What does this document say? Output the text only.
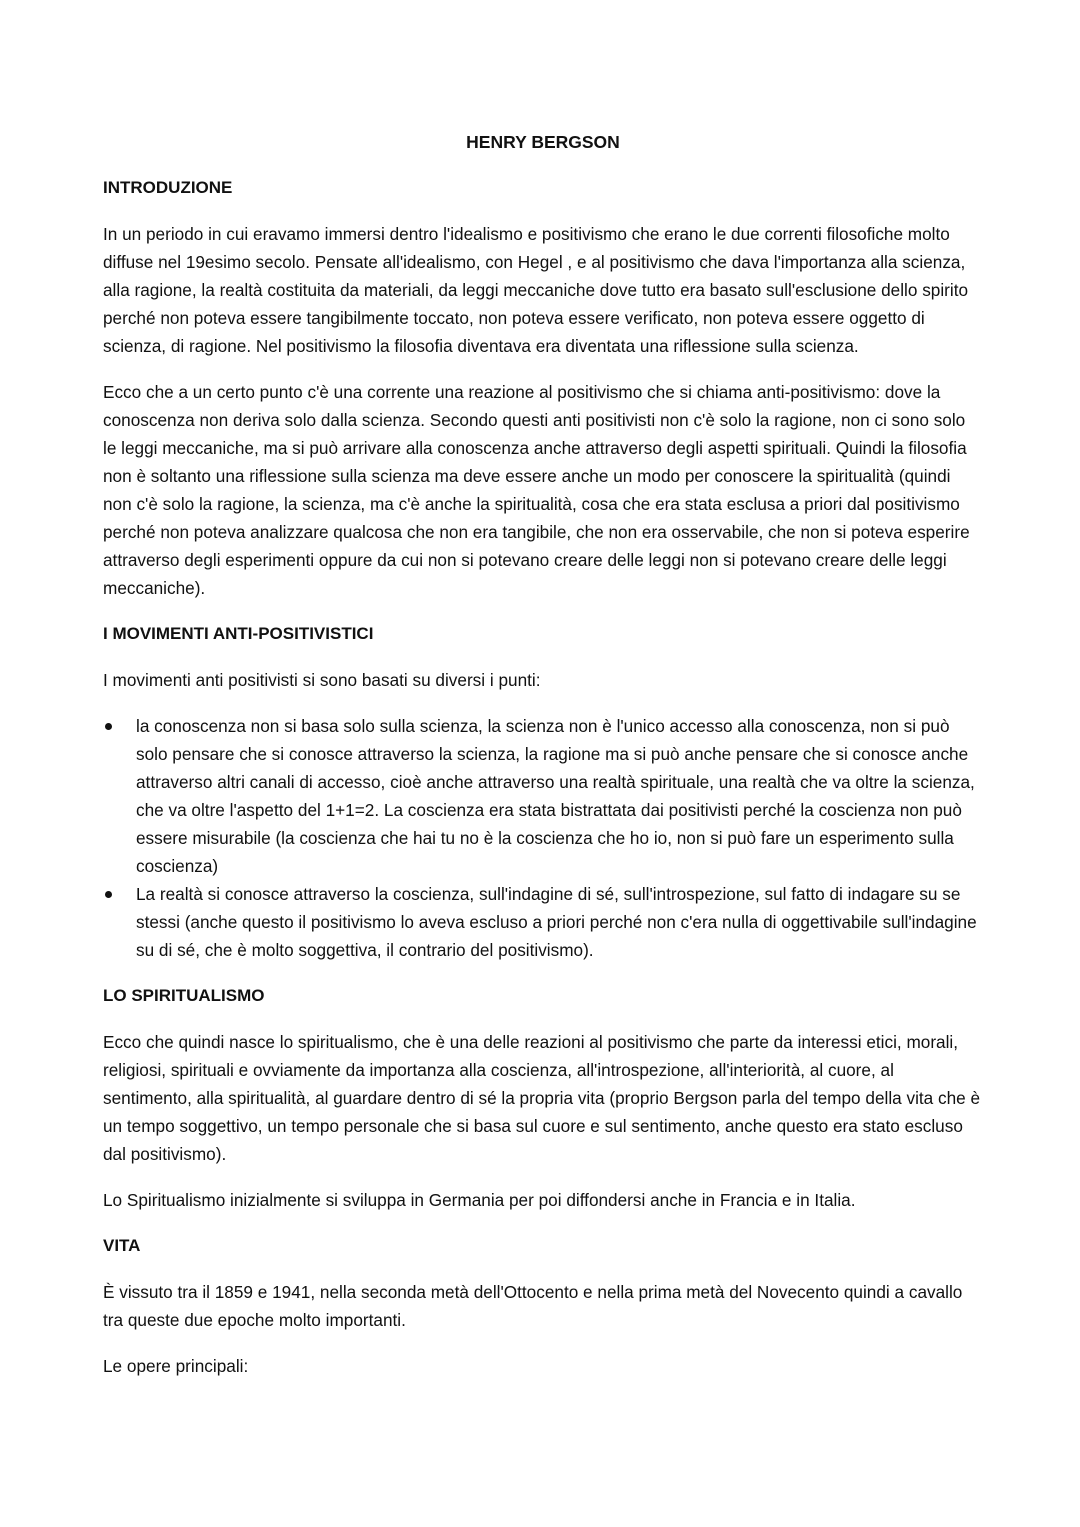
HENRY BERGSON
INTRODUZIONE

In un periodo in cui eravamo immersi dentro l'idealismo e positivismo che erano le due correnti filosofiche molto diffuse nel 19esimo secolo. Pensate all'idealismo, con Hegel , e al positivismo che dava l'importanza alla scienza, alla ragione, la realtà costituita da materiali, da leggi meccaniche dove tutto era basato sull'esclusione dello spirito perché non poteva essere tangibilmente toccato, non poteva essere verificato, non poteva essere oggetto di scienza, di ragione. Nel positivismo la filosofia diventava era diventata una riflessione sulla scienza.

Ecco che a un certo punto c'è una corrente una reazione al positivismo che si chiama anti-positivismo: dove la conoscenza non deriva solo dalla scienza. Secondo questi anti positivisti non c'è solo la ragione, non ci sono solo le leggi meccaniche, ma si può arrivare alla conoscenza anche attraverso degli aspetti spirituali. Quindi la filosofia non è soltanto una riflessione sulla scienza ma deve essere anche un modo per conoscere la spiritualità (quindi non c'è solo la ragione, la scienza, ma c'è anche la spiritualità, cosa che era stata esclusa a priori dal positivismo perché non poteva analizzare qualcosa che non era tangibile, che non era osservabile, che non si poteva esperire attraverso degli esperimenti oppure da cui non si potevano creare delle leggi non si potevano creare delle leggi meccaniche).

I MOVIMENTI ANTI-POSITIVISTICI

I movimenti anti positivisti si sono basati su diversi i punti:

la conoscenza non si basa solo sulla scienza, la scienza non è l'unico accesso alla conoscenza, non si può solo pensare che si conosce attraverso la scienza, la ragione ma si può anche pensare che si conosce anche attraverso altri canali di accesso, cioè anche attraverso una realtà spirituale, una realtà che va oltre la scienza, che va oltre l'aspetto del 1+1=2. La coscienza era stata bistrattata dai positivisti perché la coscienza non può essere misurabile (la coscienza che hai tu no è la coscienza che ho io, non si può fare un esperimento sulla coscienza)
La realtà si conosce attraverso la coscienza, sull'indagine di sé, sull'introspezione, sul fatto di indagare su se stessi (anche questo il positivismo lo aveva escluso a priori perché non c'era nulla di oggettivabile sull'indagine su di sé, che è molto soggettiva, il contrario del positivismo).
LO SPIRITUALISMO

Ecco che quindi nasce lo spiritualismo, che è una delle reazioni al positivismo che parte da interessi etici, morali, religiosi, spirituali e ovviamente da importanza alla coscienza, all'introspezione, all'interiorità, al cuore, al sentimento, alla spiritualità, al guardare dentro di sé la propria vita (proprio Bergson parla del tempo della vita che è un tempo soggettivo, un tempo personale che si basa sul cuore e sul sentimento, anche questo era stato escluso dal positivismo).

Lo Spiritualismo inizialmente si sviluppa in Germania per poi diffondersi anche in Francia e in Italia.

VITA

È vissuto tra il 1859 e 1941, nella seconda metà dell'Ottocento e nella prima metà del Novecento quindi a cavallo tra queste due epoche molto importanti.

Le opere principali:
